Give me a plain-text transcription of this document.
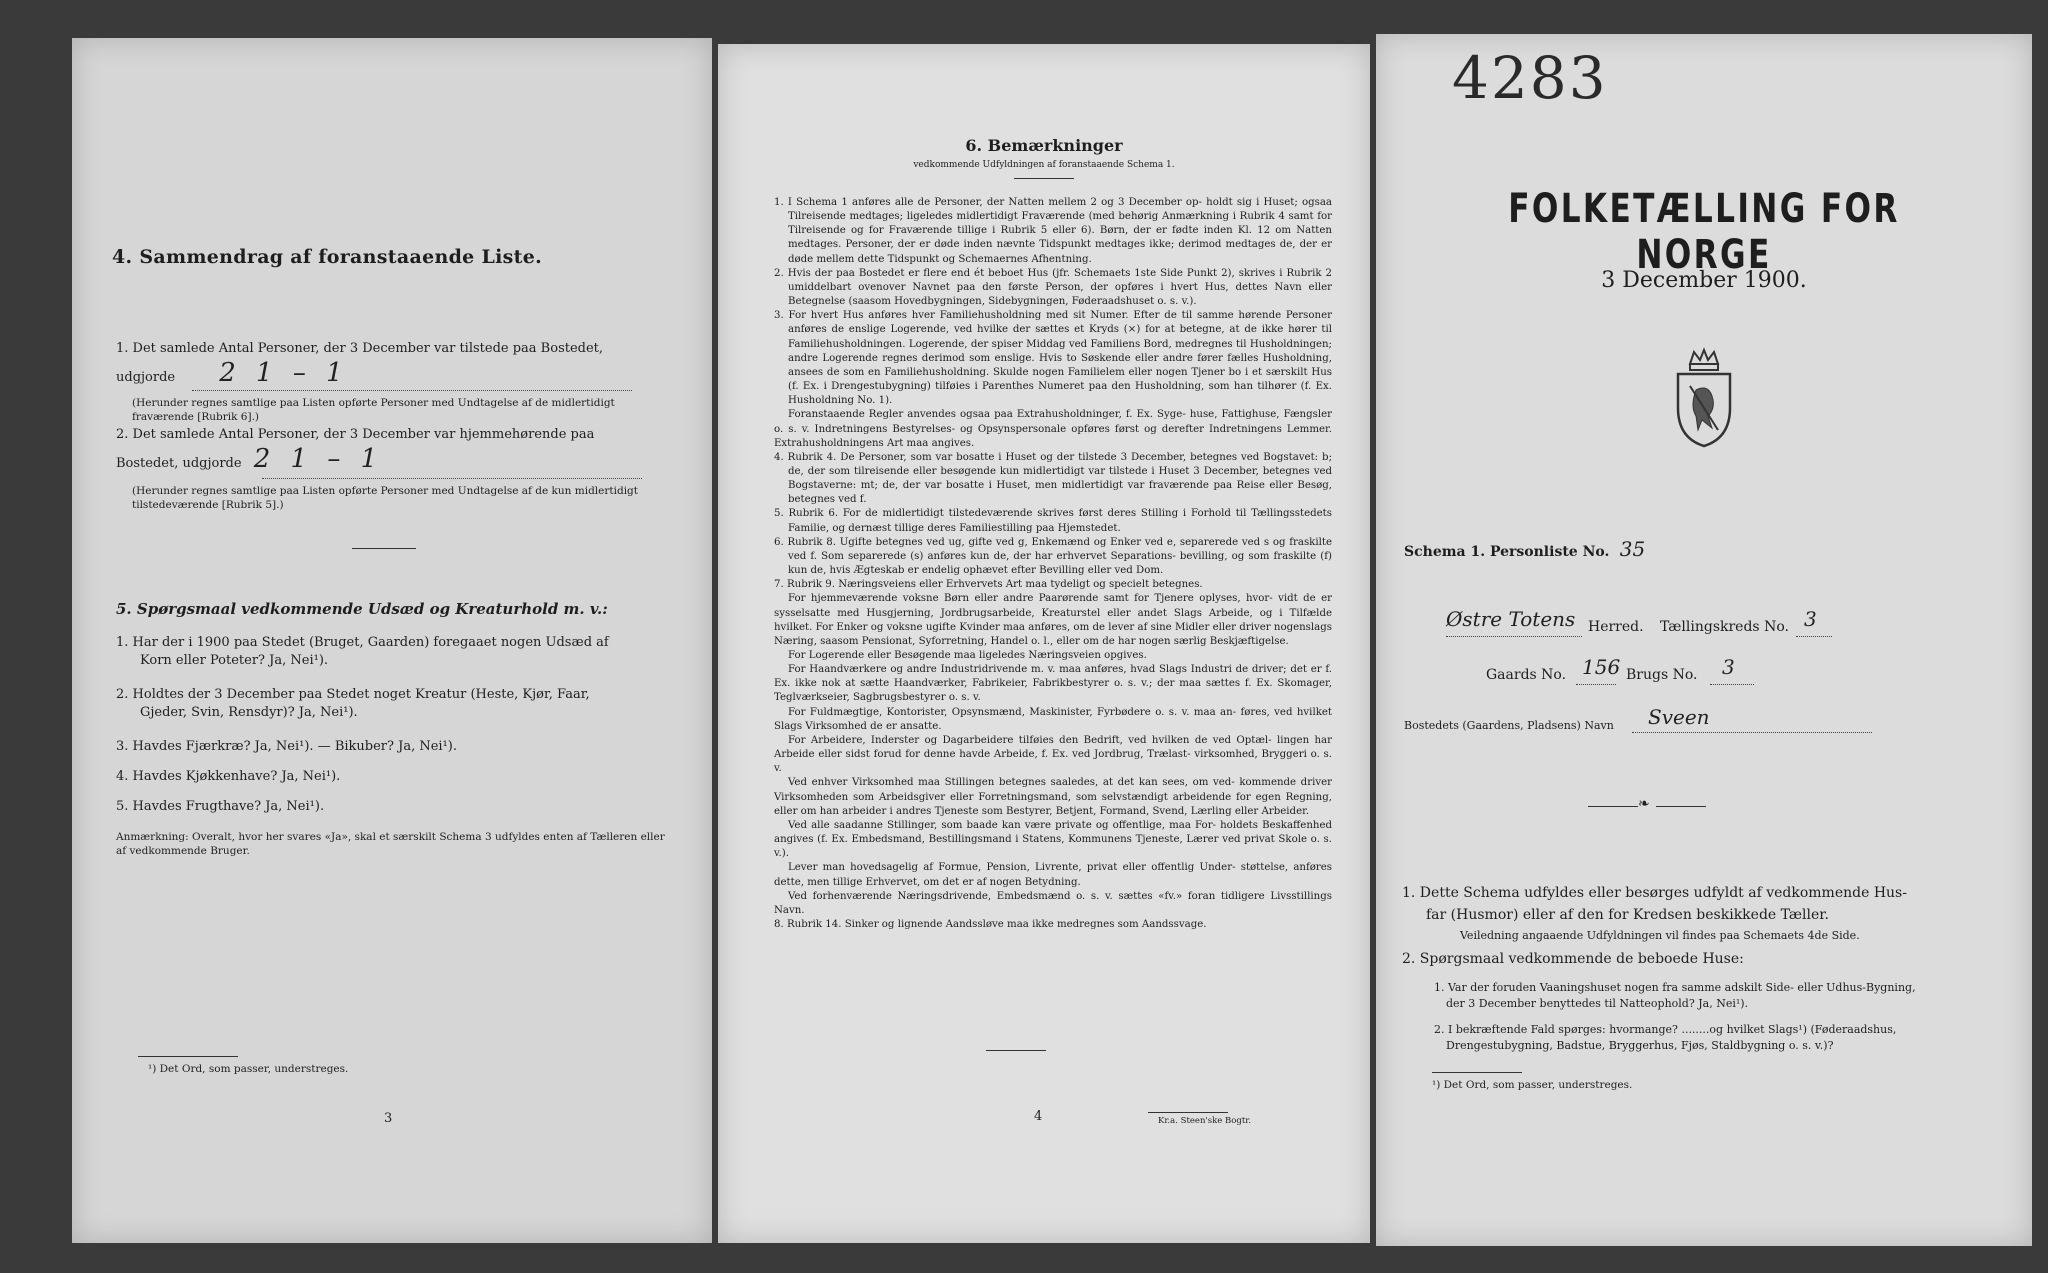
4. Sammendrag af foranstaaende Liste.
1. Det samlede Antal Personer, der 3 December var tilstede paa Bostedet,
udgjorde 2 1 – 1
(Herunder regnes samtlige paa Listen opførte Personer med Undtagelse af de midlertidigt fraværende [Rubrik 6].)
2. Det samlede Antal Personer, der 3 December var hjemmehørende paa
Bostedet, udgjorde 2 1 – 1
(Herunder regnes samtlige paa Listen opførte Personer med Undtagelse af de kun midlertidigt tilstedeværende [Rubrik 5].)
5. Spørgsmaal vedkommende Udsæd og Kreaturhold m. v.:
1. Har der i 1900 paa Stedet (Bruget, Gaarden) foregaaet nogen Udsæd af
Korn eller Poteter? Ja, Nei¹).
2. Holdtes der 3 December paa Stedet noget Kreatur (Heste, Kjør, Faar,
Gjeder, Svin, Rensdyr)? Ja, Nei¹).
3. Havdes Fjærkræ? Ja, Nei¹). — Bikuber? Ja, Nei¹).
4. Havdes Kjøkkenhave? Ja, Nei¹).
5. Havdes Frugthave? Ja, Nei¹).
Anmærkning: Overalt, hvor her svares «Ja», skal et særskilt Schema 3 udfyldes enten af Tælleren eller af vedkommende Bruger.
¹) Det Ord, som passer, understreges.
3
6. Bemærkninger
vedkommende Udfyldningen af foranstaaende Schema 1.

1. I Schema 1 anføres alle de Personer, der Natten mellem 2 og 3 December op- holdt sig i Huset; ogsaa Tilreisende medtages; ligeledes midlertidigt Fraværende (med behørig Anmærkning i Rubrik 4 samt for Tilreisende og for Fraværende tillige i Rubrik 5 eller 6). Børn, der er fødte inden Kl. 12 om Natten medtages. Personer, der er døde inden nævnte Tidspunkt medtages ikke; derimod medtages de, der er døde mellem dette Tidspunkt og Schemaernes Afhentning.

2. Hvis der paa Bostedet er flere end ét beboet Hus (jfr. Schemaets 1ste Side Punkt 2), skrives i Rubrik 2 umiddelbart ovenover Navnet paa den første Person, der opføres i hvert Hus, dettes Navn eller Betegnelse (saasom Hovedbygningen, Sidebygningen, Føderaadshuset o. s. v.).

3. For hvert Hus anføres hver Familiehusholdning med sit Numer. Efter de til samme hørende Personer anføres de enslige Logerende, ved hvilke der sættes et Kryds (×) for at betegne, at de ikke hører til Familiehusholdningen. Logerende, der spiser Middag ved Familiens Bord, medregnes til Husholdningen; andre Logerende regnes derimod som enslige. Hvis to Søskende eller andre fører fælles Husholdning, ansees de som en Familiehusholdning. Skulde nogen Familielem eller nogen Tjener bo i et særskilt Hus (f. Ex. i Drengestubygning) tilføies i Parenthes Numeret paa den Husholdning, som han tilhører (f. Ex. Husholdning No. 1).

Foranstaaende Regler anvendes ogsaa paa Extrahusholdninger, f. Ex. Syge- huse, Fattighuse, Fængsler o. s. v. Indretningens Bestyrelses- og Opsynspersonale opføres først og derefter Indretningens Lemmer. Extrahusholdningens Art maa angives.

4. Rubrik 4. De Personer, som var bosatte i Huset og der tilstede 3 December, betegnes ved Bogstavet: b; de, der som tilreisende eller besøgende kun midlertidigt var tilstede i Huset 3 December, betegnes ved Bogstaverne: mt; de, der var bosatte i Huset, men midlertidigt var fraværende paa Reise eller Besøg, betegnes ved f.

5. Rubrik 6. For de midlertidigt tilstedeværende skrives først deres Stilling i Forhold til Tællingsstedets Familie, og dernæst tillige deres Familiestilling paa Hjemstedet.

6. Rubrik 8. Ugifte betegnes ved ug, gifte ved g, Enkemænd og Enker ved e, separerede ved s og fraskilte ved f. Som separerede (s) anføres kun de, der har erhvervet Separations- bevilling, og som fraskilte (f) kun de, hvis Ægteskab er endelig ophævet efter Bevilling eller ved Dom.

7. Rubrik 9. Næringsveiens eller Erhvervets Art maa tydeligt og specielt betegnes.

For hjemmeværende voksne Børn eller andre Paarørende samt for Tjenere oplyses, hvor- vidt de er sysselsatte med Husgjerning, Jordbrugsarbeide, Kreaturstel eller andet Slags Arbeide, og i Tilfælde hvilket. For Enker og voksne ugifte Kvinder maa anføres, om de lever af sine Midler eller driver nogenslags Næring, saasom Pensionat, Syforretning, Handel o. l., eller om de har nogen særlig Beskjæftigelse.

For Logerende eller Besøgende maa ligeledes Næringsveien opgives.

For Haandværkere og andre Industridrivende m. v. maa anføres, hvad Slags Industri de driver; det er f. Ex. ikke nok at sætte Haandværker, Fabrikeier, Fabrikbestyrer o. s. v.; der maa sættes f. Ex. Skomager, Teglværkseier, Sagbrugsbestyrer o. s. v.

For Fuldmægtige, Kontorister, Opsynsmænd, Maskinister, Fyrbødere o. s. v. maa an- føres, ved hvilket Slags Virksomhed de er ansatte.

For Arbeidere, Inderster og Dagarbeidere tilføies den Bedrift, ved hvilken de ved Optæl- lingen har Arbeide eller sidst forud for denne havde Arbeide, f. Ex. ved Jordbrug, Trælast- virksomhed, Bryggeri o. s. v.

Ved enhver Virksomhed maa Stillingen betegnes saaledes, at det kan sees, om ved- kommende driver Virksomheden som Arbeidsgiver eller Forretningsmand, som selvstændigt arbeidende for egen Regning, eller om han arbeider i andres Tjeneste som Bestyrer, Betjent, Formand, Svend, Lærling eller Arbeider.

Ved alle saadanne Stillinger, som baade kan være private og offentlige, maa For- holdets Beskaffenhed angives (f. Ex. Embedsmand, Bestillingsmand i Statens, Kommunens Tjeneste, Lærer ved privat Skole o. s. v.).

Lever man hovedsagelig af Formue, Pension, Livrente, privat eller offentlig Under- støttelse, anføres dette, men tillige Erhvervet, om det er af nogen Betydning.

Ved forhenværende Næringsdrivende, Embedsmænd o. s. v. sættes «fv.» foran tidligere Livsstillings Navn.

8. Rubrik 14. Sinker og lignende Aandssløve maa ikke medregnes som Aandssvage.

4	Kr.a. Steen'ske Bogtr.
4283
FOLKETÆLLING FOR NORGE
3 December 1900.
Schema 1. Personliste No. 35
Østre Totens Herred. Tællingskreds No. 3
Gaards No. 156 Brugs No. 3
Bostedets (Gaardens, Pladsens) Navn Sveen
❧
1. Dette Schema udfyldes eller besørges udfyldt af vedkommende Hus-
far (Husmor) eller af den for Kredsen beskikkede Tæller.
Veiledning angaaende Udfyldningen vil findes paa Schemaets 4de Side.
2. Spørgsmaal vedkommende de beboede Huse:
1. Var der foruden Vaaningshuset nogen fra samme adskilt Side- eller Udhus-Bygning,
der 3 December benyttedes til Natteophold? Ja, Nei¹).
2. I bekræftende Fald spørges: hvormange? ........og hvilket Slags¹) (Føderaadshus,
Drengestubygning, Badstue, Bryggerhus, Fjøs, Staldbygning o. s. v.)?
¹) Det Ord, som passer, understreges.
